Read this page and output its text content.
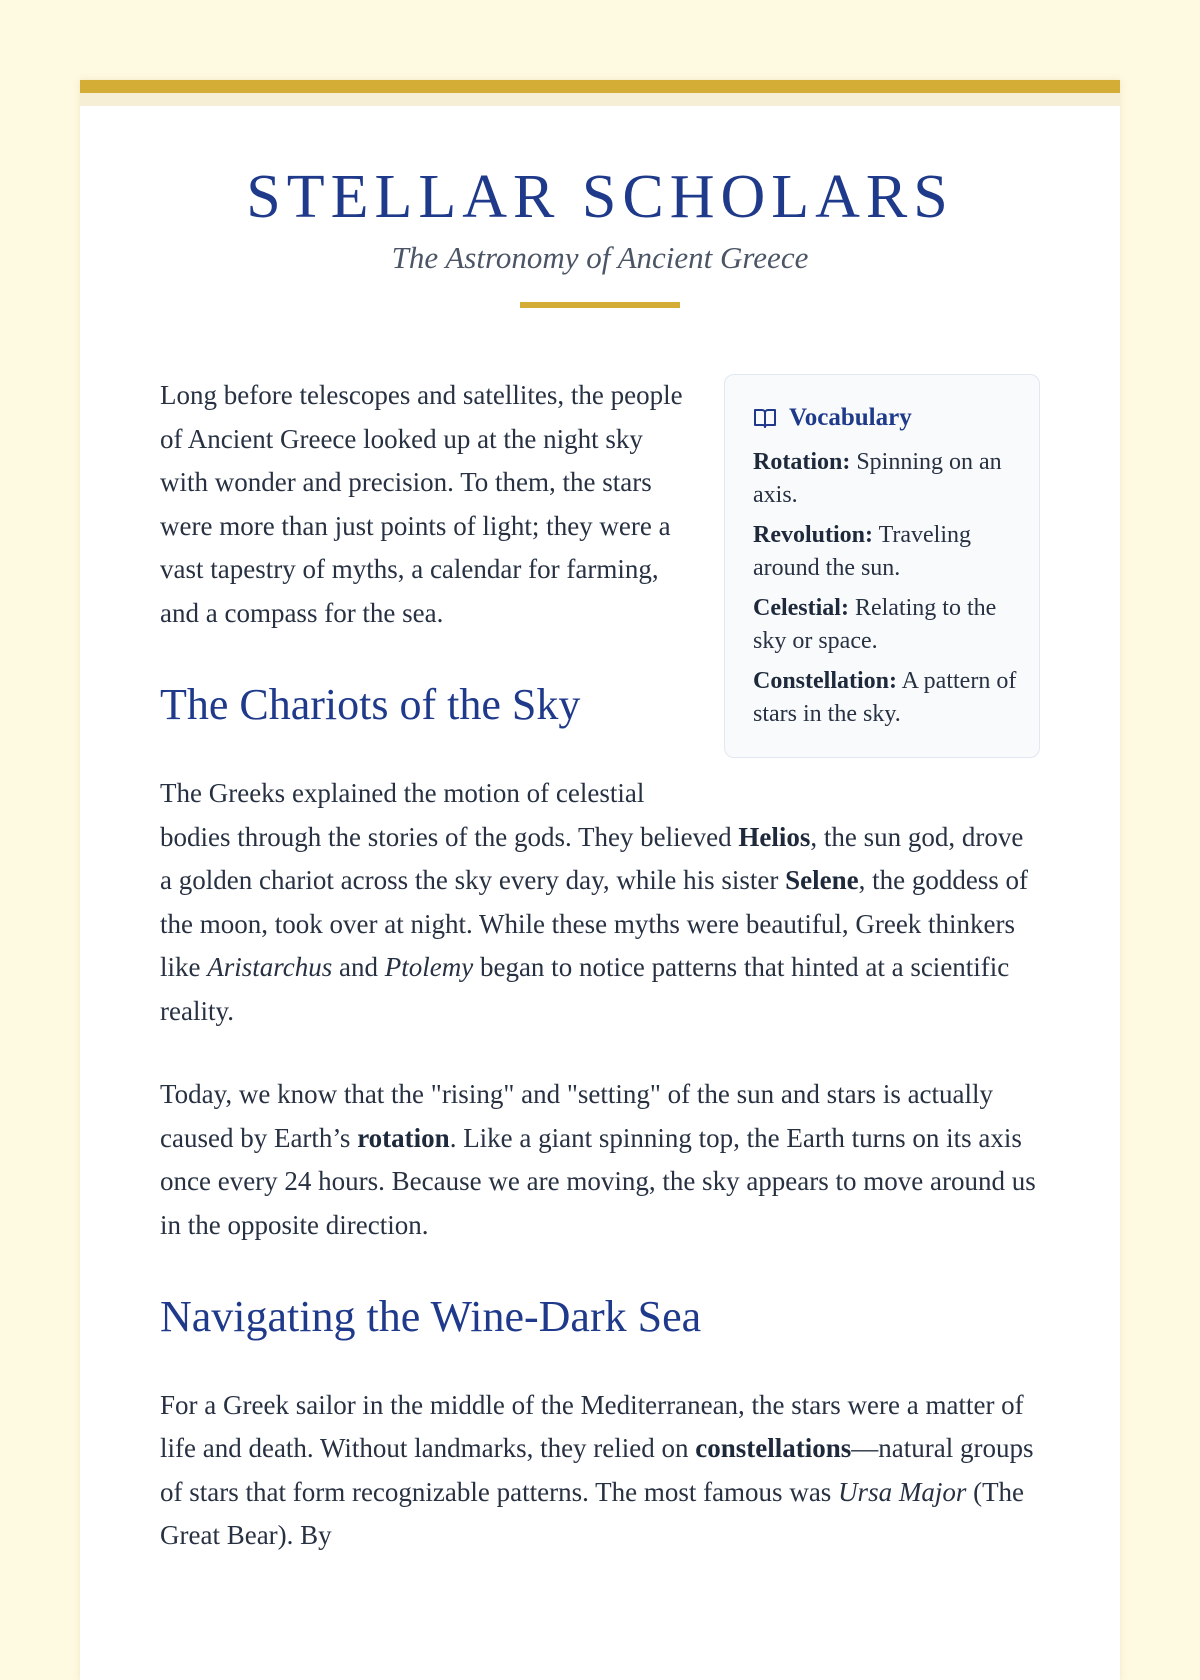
STELLAR SCHOLARS
The Astronomy of Ancient Greece
Vocabulary
Rotation: Spinning on an axis.
Revolution: Traveling around the sun.
Celestial: Relating to the sky or space.
Constellation: A pattern of stars in the sky.

Long before telescopes and satellites, the people of Ancient Greece looked up at the night sky with wonder and precision. To them, the stars were more than just points of light; they were a vast tapestry of myths, a calendar for farming, and a compass for the sea.

The Chariots of the Sky

The Greeks explained the motion of celestial bodies through the stories of the gods. They believed Helios, the sun god, drove a golden chariot across the sky every day, while his sister Selene, the goddess of the moon, took over at night. While these myths were beautiful, Greek thinkers like Aristarchus and Ptolemy began to notice patterns that hinted at a scientific reality.

Today, we know that the "rising" and "setting" of the sun and stars is actually caused by Earth’s rotation. Like a giant spinning top, the Earth turns on its axis once every 24 hours. Because we are moving, the sky appears to move around us in the opposite direction.

Navigating the Wine-Dark Sea

For a Greek sailor in the middle of the Mediterranean, the stars were a matter of life and death. Without landmarks, they relied on constellations—natural groups of stars that form recognizable patterns. The most famous was Ursa Major (The Great Bear). By
